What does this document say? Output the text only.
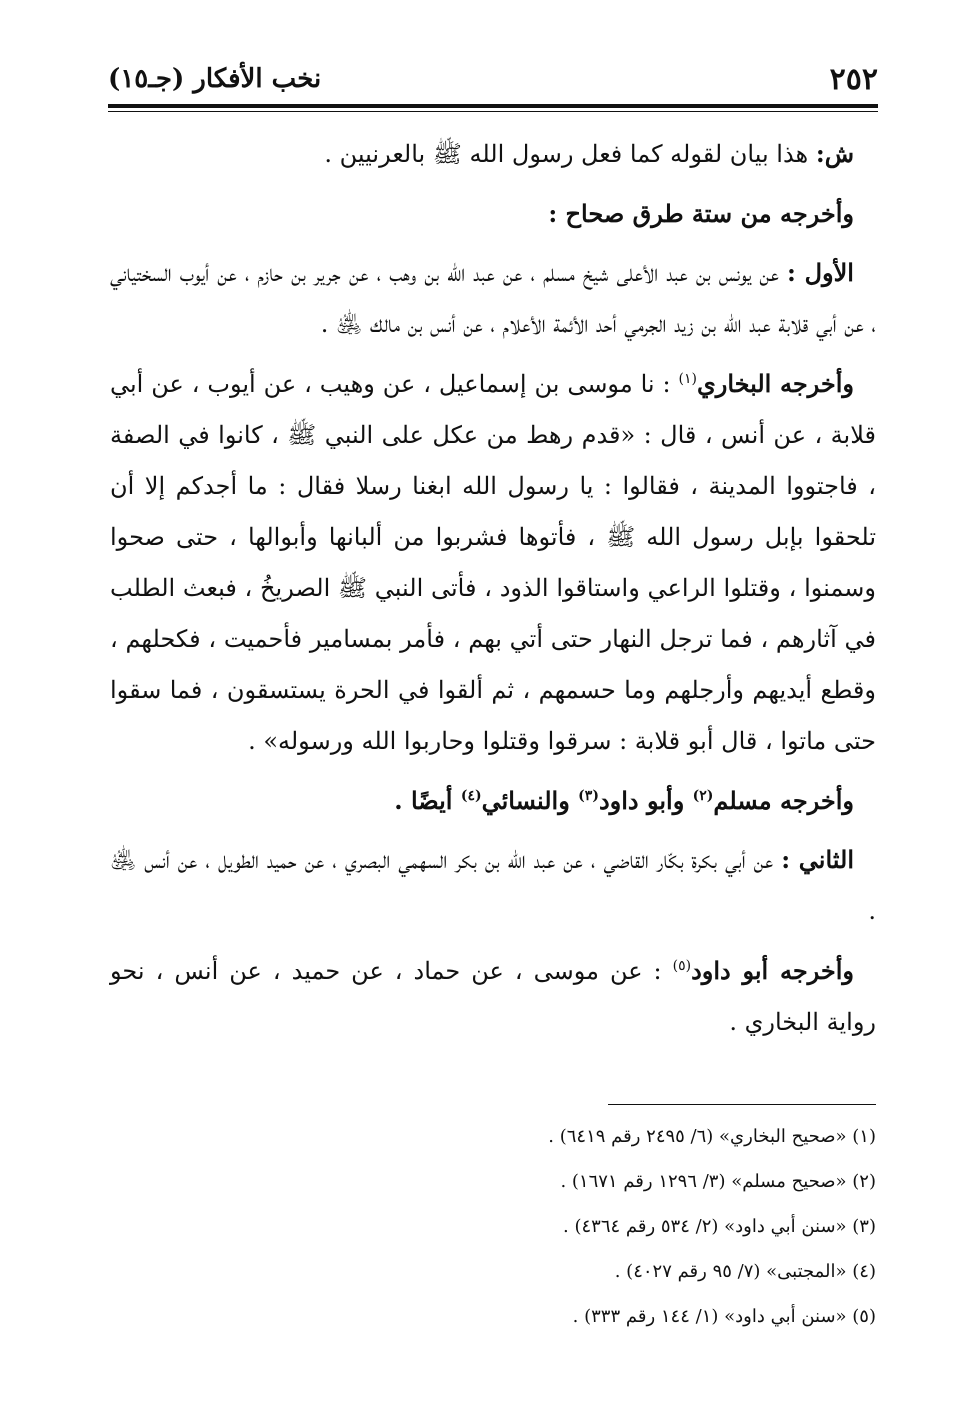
٢٥٢
نخب الأفكار (جـ١٥)

ش: هذا بيان لقوله كما فعل رسول الله ﷺ بالعرنيين .

وأخرجه من ستة طرق صحاح :

الأول : عن يونس بن عبد الأعلى شيخ مسلم ، عن عبد الله بن وهب ، عن جرير بن حازم ، عن أيوب السختياني ، عن أبي قلابة عبد الله بن زيد الجرمي أحد الأئمة الأعلام ، عن أنس بن مالك ﵁ .

وأخرجه البخاري$^{(١)}$ : نا موسى بن إسماعيل ، عن وهيب ، عن أيوب ، عن أبي قلابة ، عن أنس ، قال : «قدم رهط من عكل على النبي ﷺ ، كانوا في الصفة ، فاجتووا المدينة ، فقالوا : يا رسول الله ابغنا رسلا فقال : ما أجدكم إلا أن تلحقوا بإبل رسول الله ﷺ ، فأتوها فشربوا من ألبانها وأبوالها ، حتى صحوا وسمنوا ، وقتلوا الراعي واستاقوا الذود ، فأتى النبي ﷺ الصريخُ ، فبعث الطلب في آثارهم ، فما ترجل النهار حتى أتي بهم ، فأمر بمسامير فأحميت ، فكحلهم ، وقطع أيديهم وأرجلهم وما حسمهم ، ثم ألقوا في الحرة يستسقون ، فما سقوا حتى ماتوا ، قال أبو قلابة : سرقوا وقتلوا وحاربوا الله ورسوله» .

وأخرجه مسلم$^{(٢)}$ وأبو داود$^{(٣)}$ والنسائي$^{(٤)}$ أيضًا .

الثاني : عن أبي بكرة بكّار القاضي ، عن عبد الله بن بكر السهمي البصري ، عن حميد الطويل ، عن أنس ﵁ .

وأخرجه أبو داود$^{(٥)}$ : عن موسى ، عن حماد ، عن حميد ، عن أنس ، نحو رواية البخاري .

(١) «صحيح البخاري» (٦/ ٢٤٩٥ رقم ٦٤١٩) .
(٢) «صحيح مسلم» (٣/ ١٢٩٦ رقم ١٦٧١) .
(٣) «سنن أبي داود» (٢/ ٥٣٤ رقم ٤٣٦٤) .
(٤) «المجتبى» (٧/ ٩٥ رقم ٤٠٢٧) .
(٥) «سنن أبي داود» (١/ ١٤٤ رقم ٣٣٣) .
